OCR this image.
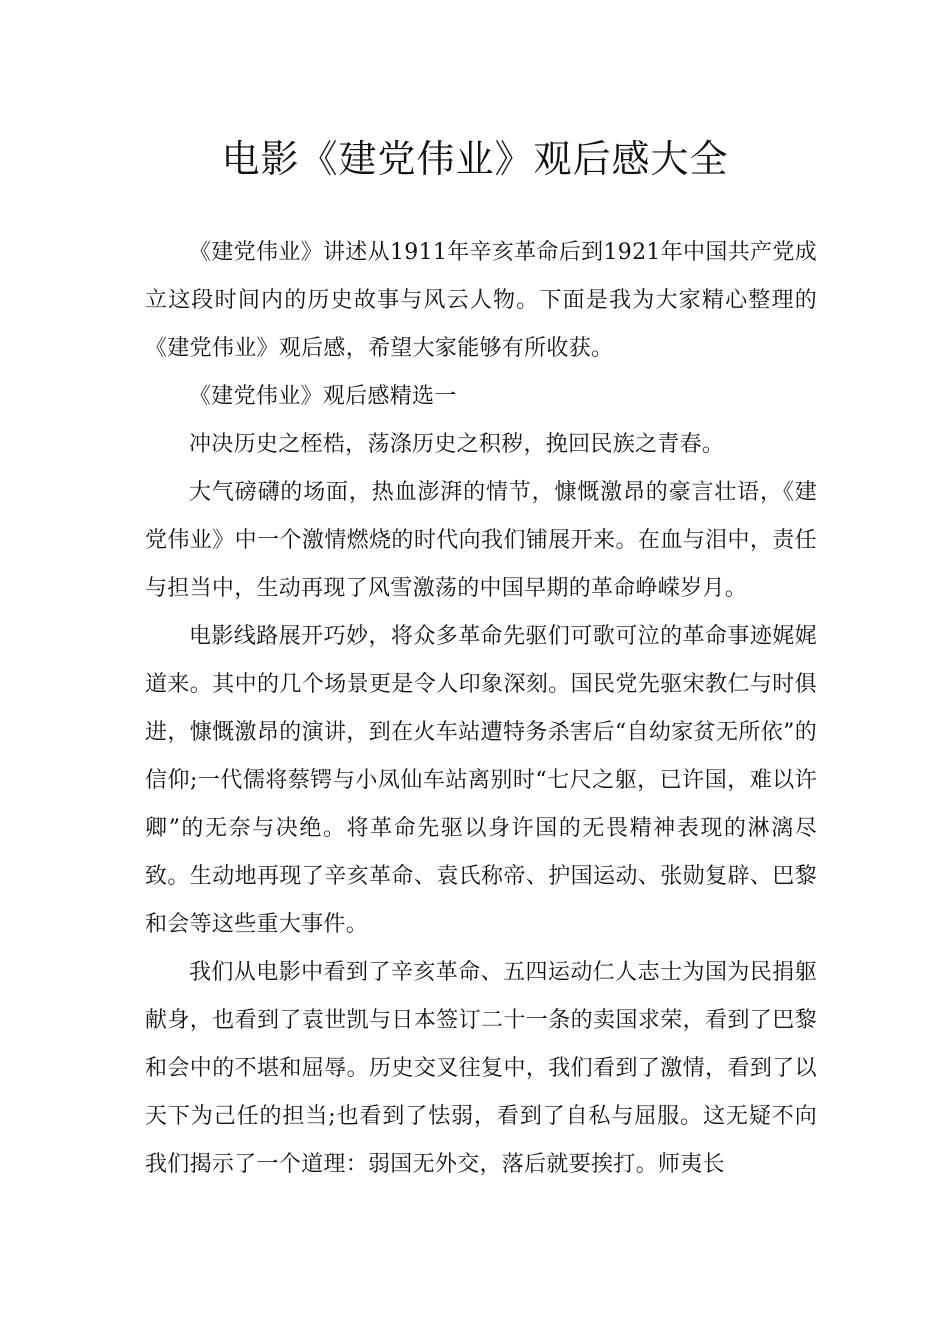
电影《建党伟业》观后感大全

《建党伟业》讲述从1911年辛亥革命后到1921年中国共产党成立这段时间内的历史故事与风云人物。下面是我为大家精心整理的《建党伟业》观后感，希望大家能够有所收获。

《建党伟业》观后感精选一

冲决历史之桎梏，荡涤历史之积秽，挽回民族之青春。

大气磅礴的场面，热血澎湃的情节，慷慨激昂的豪言壮语，《建党伟业》中一个激情燃烧的时代向我们铺展开来。在血与泪中，责任与担当中，生动再现了风雪激荡的中国早期的革命峥嵘岁月。

电影线路展开巧妙，将众多革命先驱们可歌可泣的革命事迹娓娓道来。其中的几个场景更是令人印象深刻。国民党先驱宋教仁与时俱进，慷慨激昂的演讲，到在火车站遭特务杀害后“自幼家贫无所依”的信仰;一代儒将蔡锷与小凤仙车站离别时“七尺之躯，已许国，难以许卿”的无奈与决绝。将革命先驱以身许国的无畏精神表现的淋漓尽致。生动地再现了辛亥革命、袁氏称帝、护国运动、张勋复辟、巴黎和会等这些重大事件。

我们从电影中看到了辛亥革命、五四运动仁人志士为国为民捐躯献身，也看到了袁世凯与日本签订二十一条的卖国求荣，看到了巴黎和会中的不堪和屈辱。历史交叉往复中，我们看到了激情，看到了以天下为己任的担当;也看到了怯弱，看到了自私与屈服。这无疑不向我们揭示了一个道理：弱国无外交，落后就要挨打。师夷长
